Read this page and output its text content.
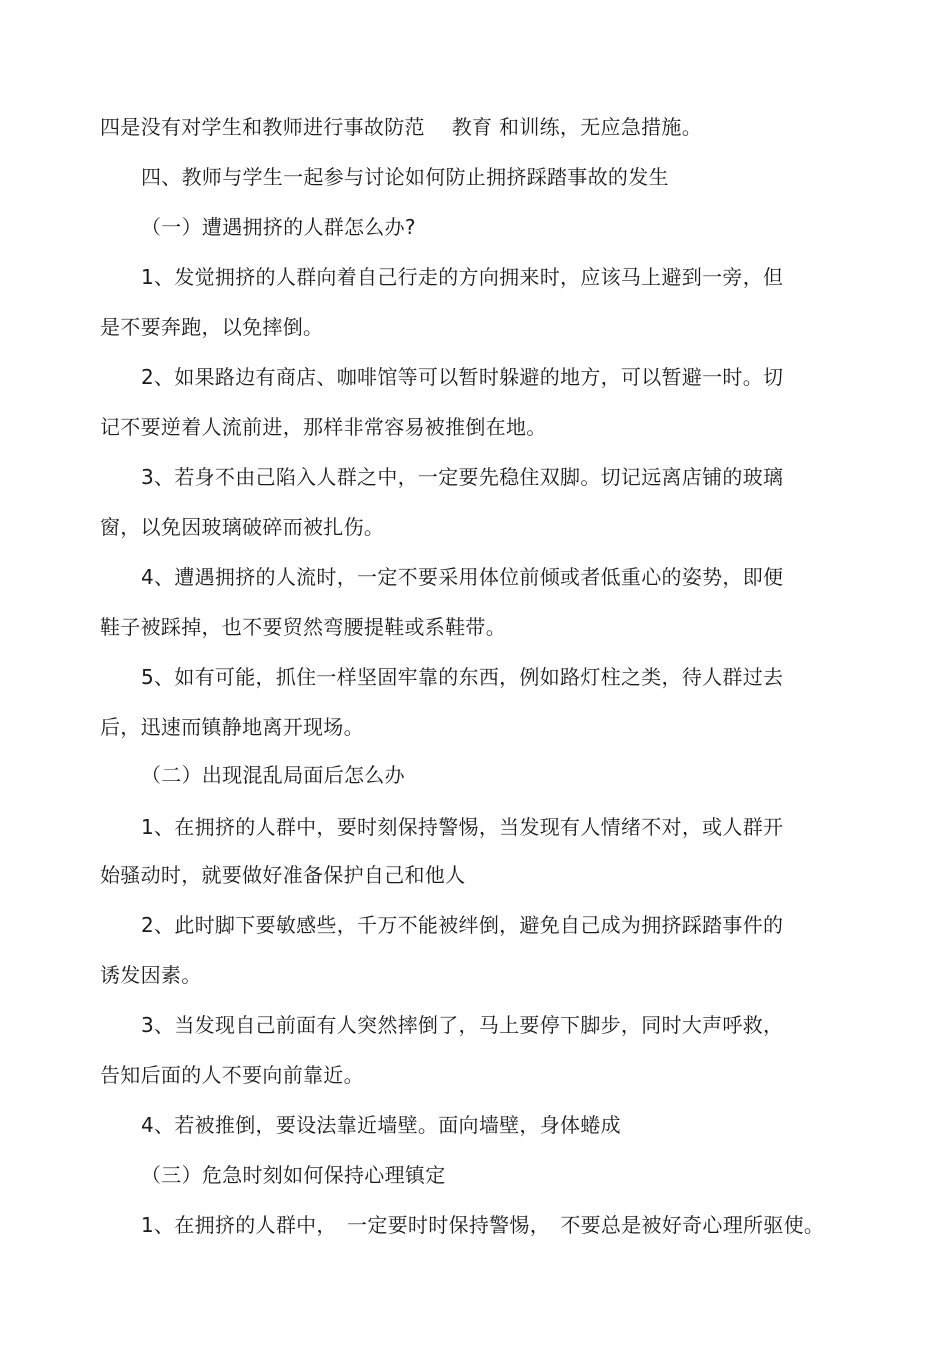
四是没有对学生和教师进行事故防范　 教育 和训练，无应急措施。
四、教师与学生一起参与讨论如何防止拥挤踩踏事故的发生
（一）遭遇拥挤的人群怎么办?
1、发觉拥挤的人群向着自己行走的方向拥来时，应该马上避到一旁，但
是不要奔跑，以免摔倒。
2、如果路边有商店、咖啡馆等可以暂时躲避的地方，可以暂避一时。切
记不要逆着人流前进，那样非常容易被推倒在地。
3、若身不由己陷入人群之中，一定要先稳住双脚。切记远离店铺的玻璃
窗，以免因玻璃破碎而被扎伤。
4、遭遇拥挤的人流时，一定不要采用体位前倾或者低重心的姿势，即便
鞋子被踩掉，也不要贸然弯腰提鞋或系鞋带。
5、如有可能，抓住一样坚固牢靠的东西，例如路灯柱之类，待人群过去
后，迅速而镇静地离开现场。
（二）出现混乱局面后怎么办
1、在拥挤的人群中，要时刻保持警惕，当发现有人情绪不对，或人群开
始骚动时，就要做好准备保护自己和他人
2、此时脚下要敏感些，千万不能被绊倒，避免自己成为拥挤踩踏事件的
诱发因素。
3、当发现自己前面有人突然摔倒了，马上要停下脚步，同时大声呼救，
告知后面的人不要向前靠近。
4、若被推倒，要设法靠近墙壁。面向墙壁，身体蜷成
（三）危急时刻如何保持心理镇定
1、在拥挤的人群中，　一定要时时保持警惕，　不要总是被好奇心理所驱使。
